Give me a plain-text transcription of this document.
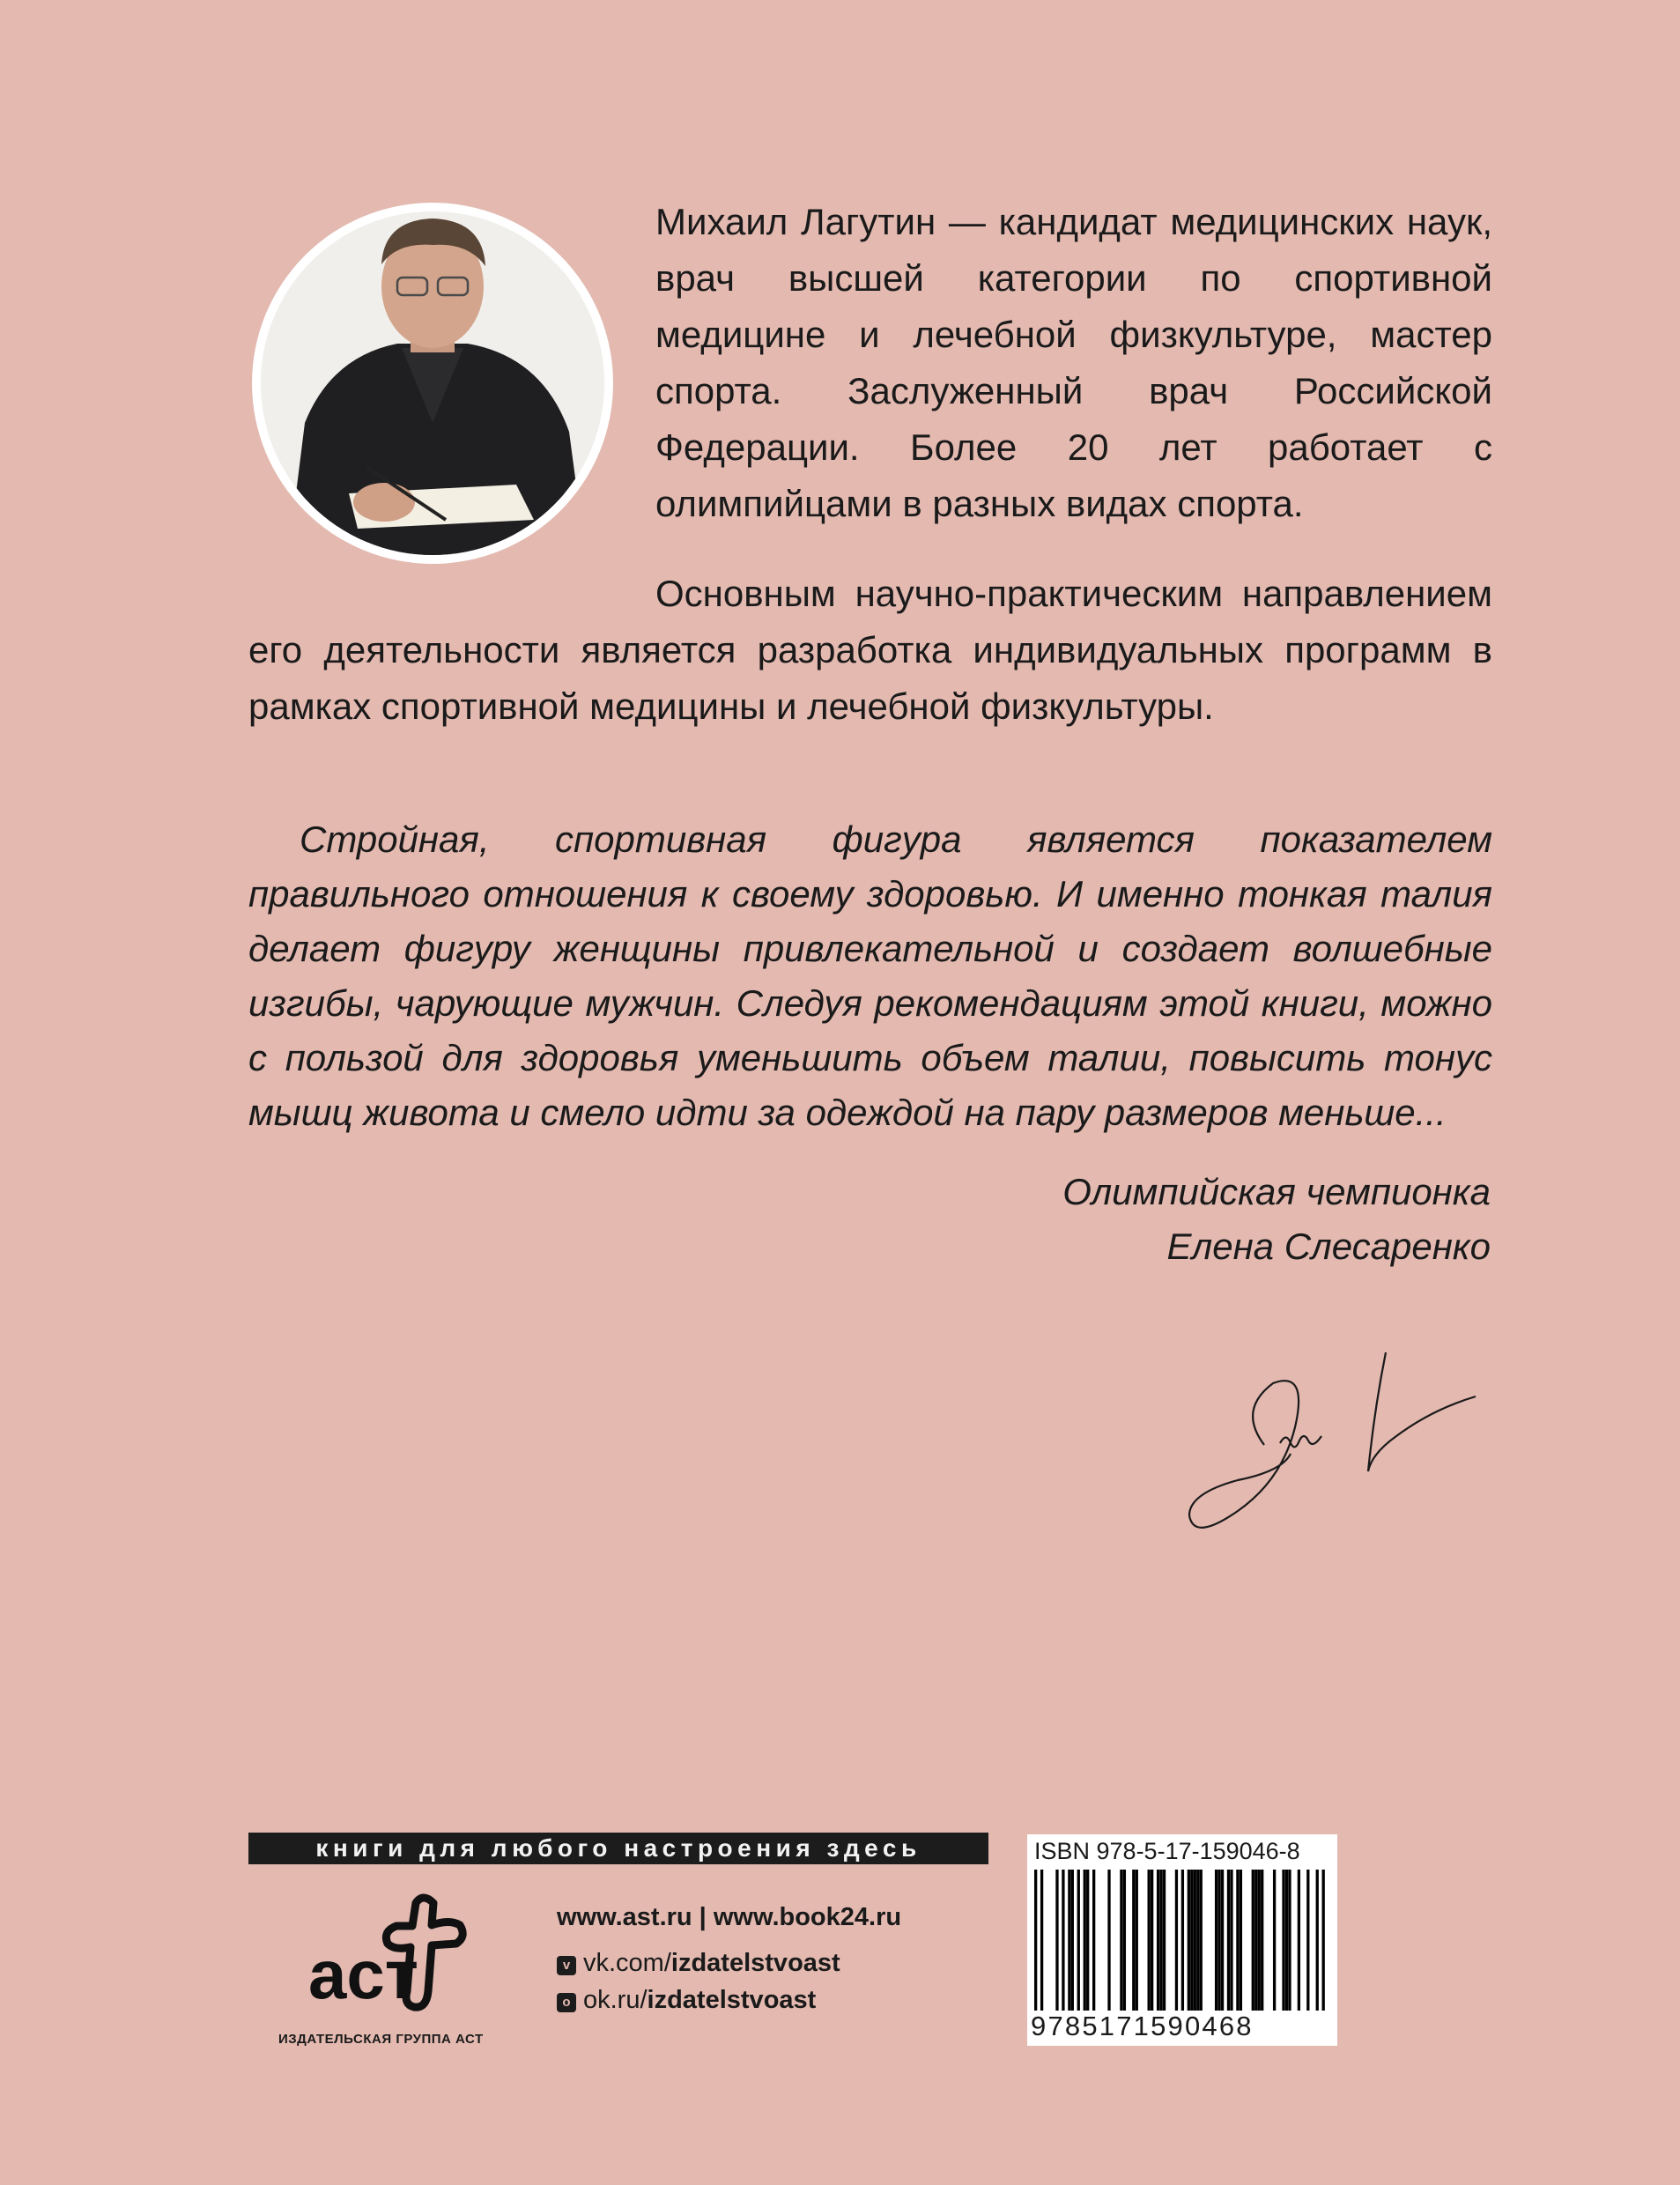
Михаил Лагутин — кандидат медицинских наук, врач высшей категории по спортивной медицине и лечебной физкультуре, мастер спорта. Заслуженный врач Российской Федерации. Более 20 лет работает с олимпийцами в разных видах спорта.

Основным научно-практическим направлением его деятельности является разработка индивидуальных программ в рамках спортивной медицины и лечебной физкультуры.

Стройная, спортивная фигура является показателем правильного отношения к своему здоровью. И именно тонкая талия делает фигуру женщины привлекательной и создает волшебные изгибы, чарующие мужчин. Следуя рекомендациям этой книги, можно с пользой для здоровья уменьшить объем талии, повысить тонус мышц живота и смело идти за одеждой на пару размеров меньше...

Олимпийская чемпионка

Елена Слесаренко

книги для любого настроения здесь
аст
ИЗДАТЕЛЬСКАЯ ГРУППА АСТ
www.ast.ru | www.book24.ru
v vk.com/izdatelstvoast
o ok.ru/izdatelstvoast
ISBN 978-5-17-159046-8
9785171590468
